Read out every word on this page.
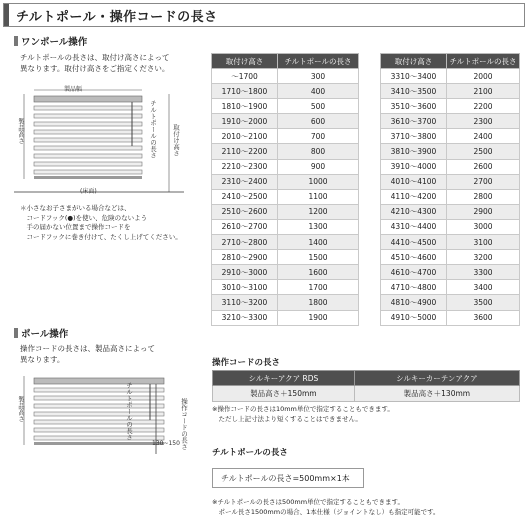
チルトポール・操作コードの長さ
ワンポール操作
チルトポールの長さは、取付け高さによって
異なります。取付け高さをご指定ください。
製品幅
製品高さ	チルトポールの長さ 取付け高さ
(床面)
＊小さなお子さまがいる場合などは、
　コードフック(●)を使い、危険のないよう
　手の届かない位置まで操作コードを
　コードフックに巻き付けて、たくし上げてください。
取付け高さ	チルトポールの長さ
～1700	300
1710～1800	400
1810～1900	500
1910～2000	600
2010～2100	700
2110～2200	800
2210～2300	900
2310～2400	1000
2410～2500	1100
2510～2600	1200
2610～2700	1300
2710～2800	1400
2810～2900	1500
2910～3000	1600
3010～3100	1700
3110～3200	1800
3210～3300	1900
取付け高さ	チルトポールの長さ
3310～3400	2000
3410～3500	2100
3510～3600	2200
3610～3700	2300
3710～3800	2400
3810～3900	2500
3910～4000	2600
4010～4100	2700
4110～4200	2800
4210～4300	2900
4310～4400	3000
4410～4500	3100
4510～4600	3200
4610～4700	3300
4710～4800	3400
4810～4900	3500
4910～5000	3600
ポール操作
操作コードの長さは、製品高さによって
異なります。
製品高さ	チルトポールの長さ	操作コードの長さ
130~150
操作コードの長さ
シルキーアクア RDS	シルキーカーテンアクア
製品高さ＋150mm	製品高さ＋130mm
※操作コードの長さは10mm単位で指定することもできます。
　ただし上記寸法より短くすることはできません。
チルトポールの長さ
チルトポールの長さ=500mm×1本
※チルトポールの長さは500mm単位で指定することもできます。
　ポール長さ1500mmの場合、1本仕様（ジョイントなし）も指定可能です。
